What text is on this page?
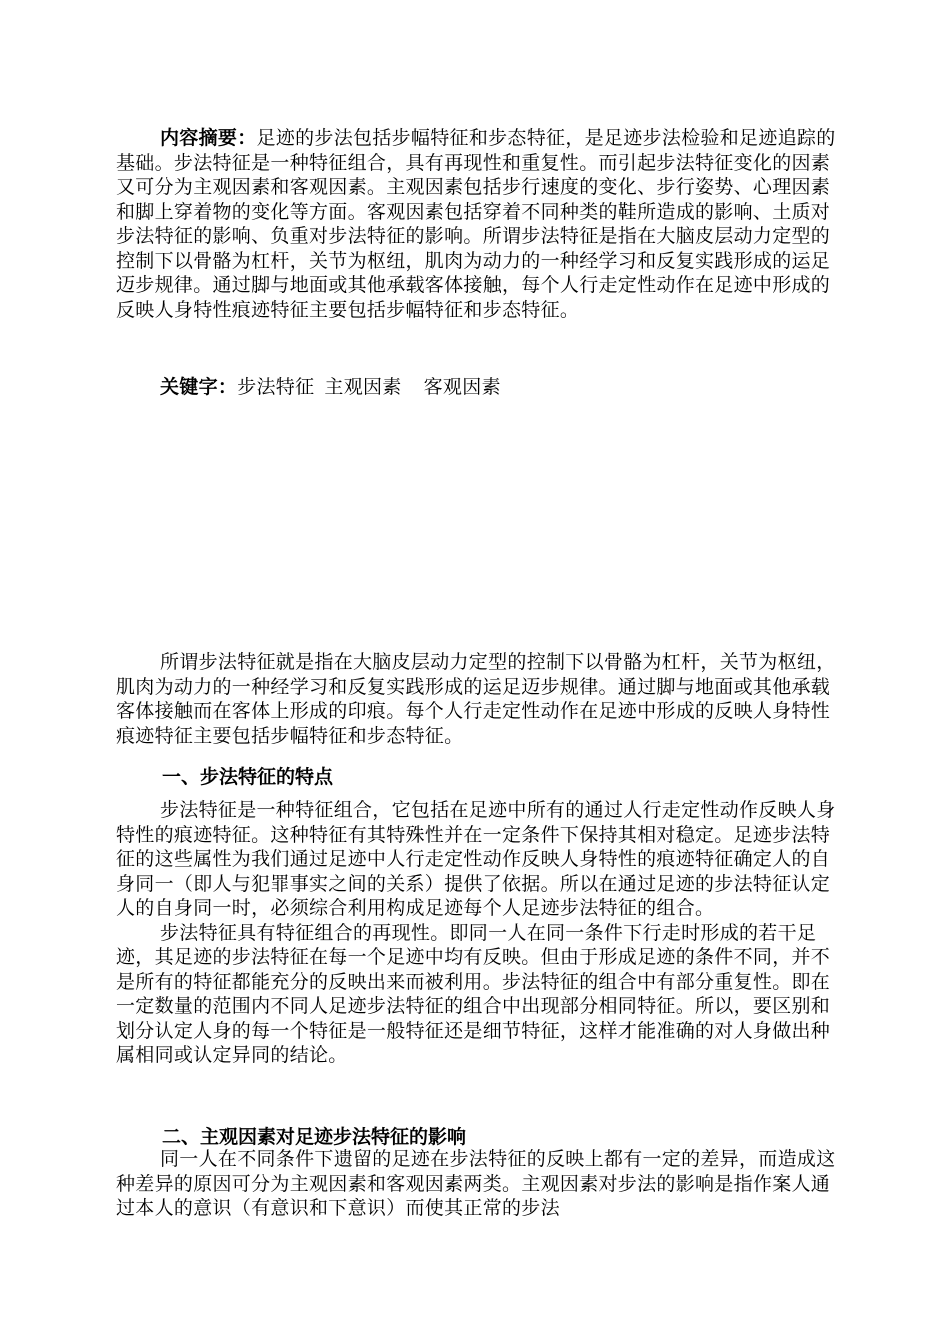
内容摘要：足迹的步法包括步幅特征和步态特征，是足迹步法检验和足迹追踪的基础。步法特征是一种特征组合，具有再现性和重复性。而引起步法特征变化的因素又可分为主观因素和客观因素。主观因素包括步行速度的变化、步行姿势、心理因素和脚上穿着物的变化等方面。客观因素包括穿着不同种类的鞋所造成的影响、土质对步法特征的影响、负重对步法特征的影响。所谓步法特征是指在大脑皮层动力定型的控制下以骨骼为杠杆，关节为枢纽，肌肉为动力的一种经学习和反复实践形成的运足迈步规律。通过脚与地面或其他承载客体接触，每个人行走定性动作在足迹中形成的反映人身特性痕迹特征主要包括步幅特征和步态特征。
关键字：步法特征 主观因素 客观因素
所谓步法特征就是指在大脑皮层动力定型的控制下以骨骼为杠杆，关节为枢纽，肌肉为动力的一种经学习和反复实践形成的运足迈步规律。通过脚与地面或其他承载客体接触而在客体上形成的印痕。每个人行走定性动作在足迹中形成的反映人身特性痕迹特征主要包括步幅特征和步态特征。
一、步法特征的特点

步法特征是一种特征组合，它包括在足迹中所有的通过人行走定性动作反映人身特性的痕迹特征。这种特征有其特殊性并在一定条件下保持其相对稳定。足迹步法特征的这些属性为我们通过足迹中人行走定性动作反映人身特性的痕迹特征确定人的自身同一（即人与犯罪事实之间的关系）提供了依据。所以在通过足迹的步法特征认定人的自身同一时，必须综合利用构成足迹每个人足迹步法特征的组合。

步法特征具有特征组合的再现性。即同一人在同一条件下行走时形成的若干足迹，其足迹的步法特征在每一个足迹中均有反映。但由于形成足迹的条件不同，并不是所有的特征都能充分的反映出来而被利用。步法特征的组合中有部分重复性。即在一定数量的范围内不同人足迹步法特征的组合中出现部分相同特征。所以，要区别和划分认定人身的每一个特征是一般特征还是细节特征，这样才能准确的对人身做出种属相同或认定异同的结论。

二、主观因素对足迹步法特征的影响

同一人在不同条件下遗留的足迹在步法特征的反映上都有一定的差异，而造成这种差异的原因可分为主观因素和客观因素两类。主观因素对步法的影响是指作案人通过本人的意识（有意识和下意识）而使其正常的步法
